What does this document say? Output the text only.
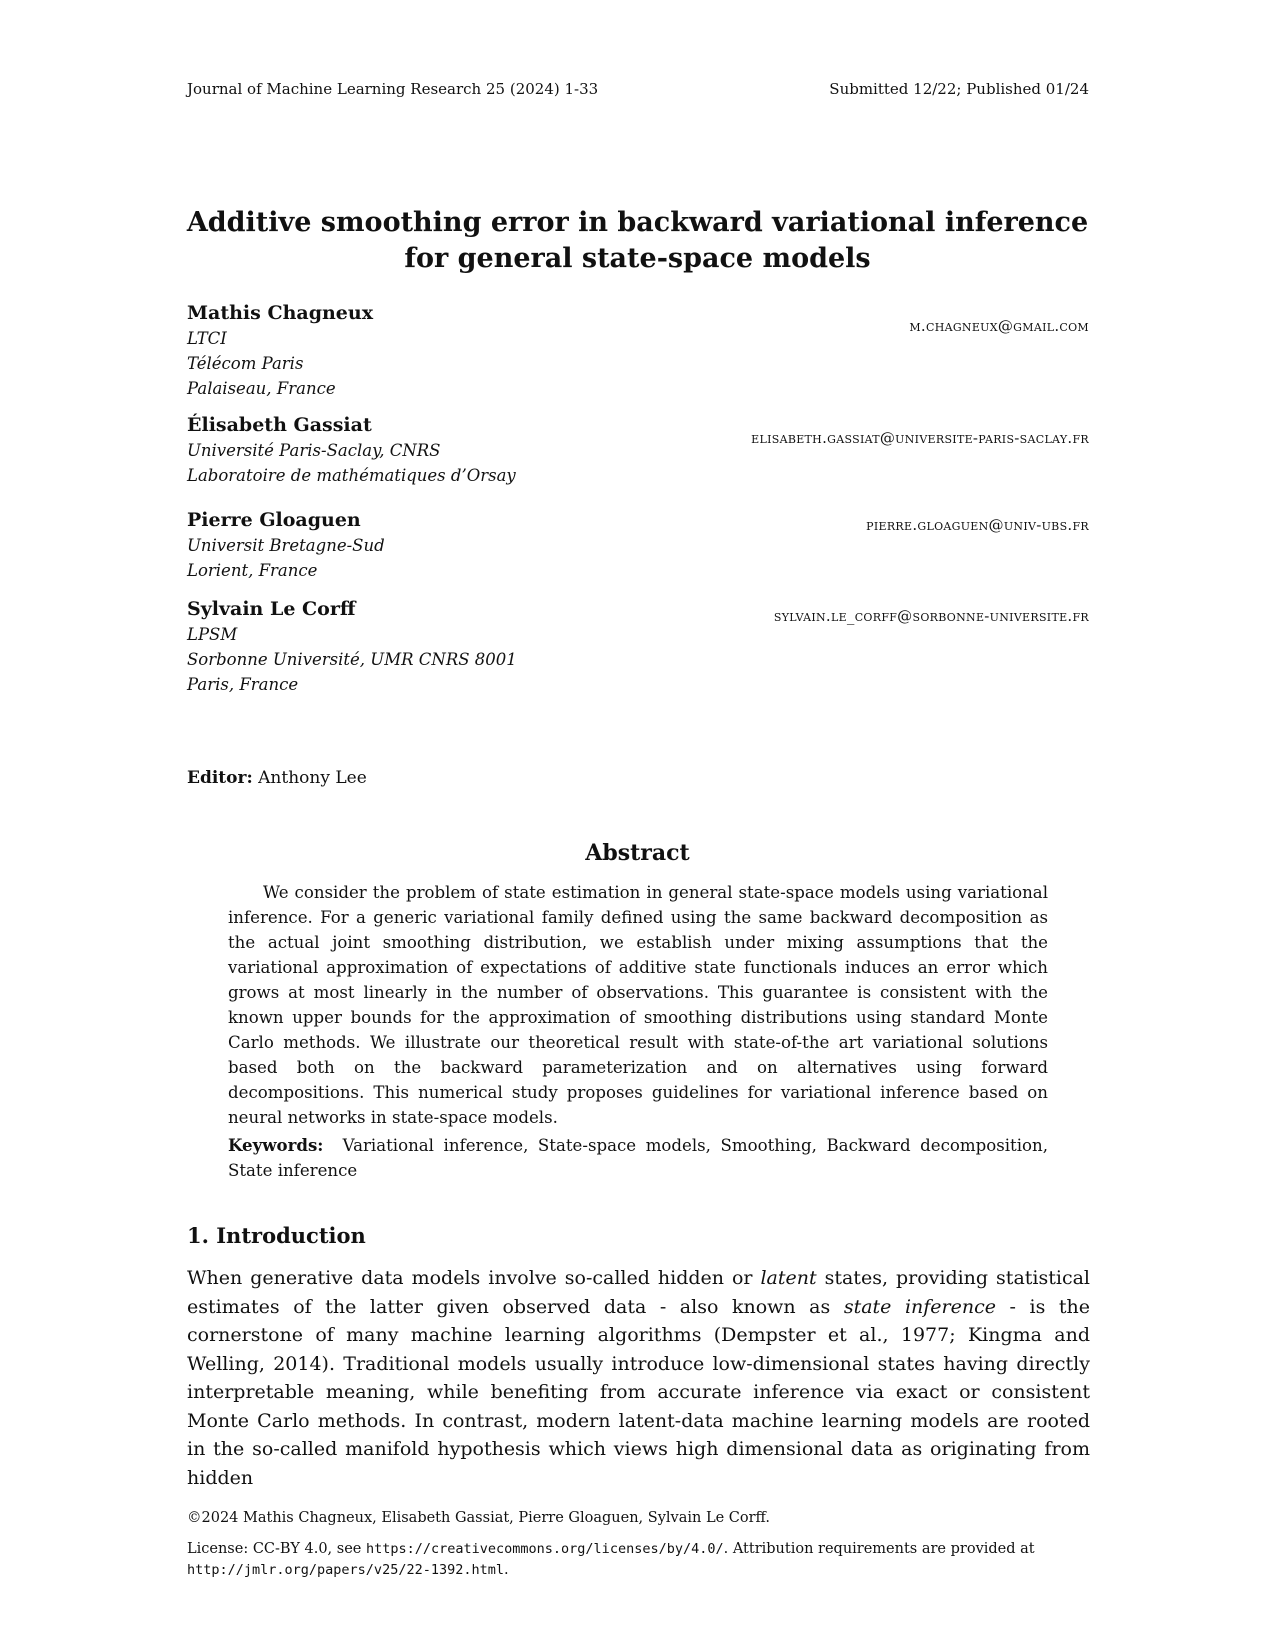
Journal of Machine Learning Research 25 (2024) 1-33	Submitted 12/22; Published 01/24
Additive smoothing error in backward variational inference
for general state-space models
Mathis Chagneux
LTCI
Télécom Paris
Palaiseau, France
m.chagneux@gmail.com
Élisabeth Gassiat
Université Paris-Saclay, CNRS
Laboratoire de mathématiques d’Orsay
elisabeth.gassiat@universite-paris-saclay.fr
Pierre Gloaguen
Universit Bretagne-Sud
Lorient, France
pierre.gloaguen@univ-ubs.fr
Sylvain Le Corff
LPSM
Sorbonne Université, UMR CNRS 8001
Paris, France
sylvain.le_corff@sorbonne-universite.fr
Editor: Anthony Lee
Abstract

We consider the problem of state estimation in general state-space models using variational inference. For a generic variational family defined using the same backward decomposition as the actual joint smoothing distribution, we establish under mixing assumptions that the variational approximation of expectations of additive state functionals induces an error which grows at most linearly in the number of observations. This guarantee is consistent with the known upper bounds for the approximation of smoothing distributions using standard Monte Carlo methods. We illustrate our theoretical result with state-of-the art variational solutions based both on the backward parameterization and on alternatives using forward decompositions. This numerical study proposes guidelines for variational inference based on neural networks in state-space models.

Keywords: Variational inference, State-space models, Smoothing, Backward decomposition, State inference
1. Introduction

When generative data models involve so-called hidden or latent states, providing statistical estimates of the latter given observed data - also known as state inference - is the cornerstone of many machine learning algorithms (Dempster et al., 1977; Kingma and Welling, 2014). Traditional models usually introduce low-dimensional states having directly interpretable meaning, while benefiting from accurate inference via exact or consistent Monte Carlo methods. In contrast, modern latent-data machine learning models are rooted in the so-called manifold hypothesis which views high dimensional data as originating from hidden

©2024 Mathis Chagneux, Elisabeth Gassiat, Pierre Gloaguen, Sylvain Le Corff.
License: CC-BY 4.0, see https://creativecommons.org/licenses/by/4.0/. Attribution requirements are provided at http://jmlr.org/papers/v25/22-1392.html.
